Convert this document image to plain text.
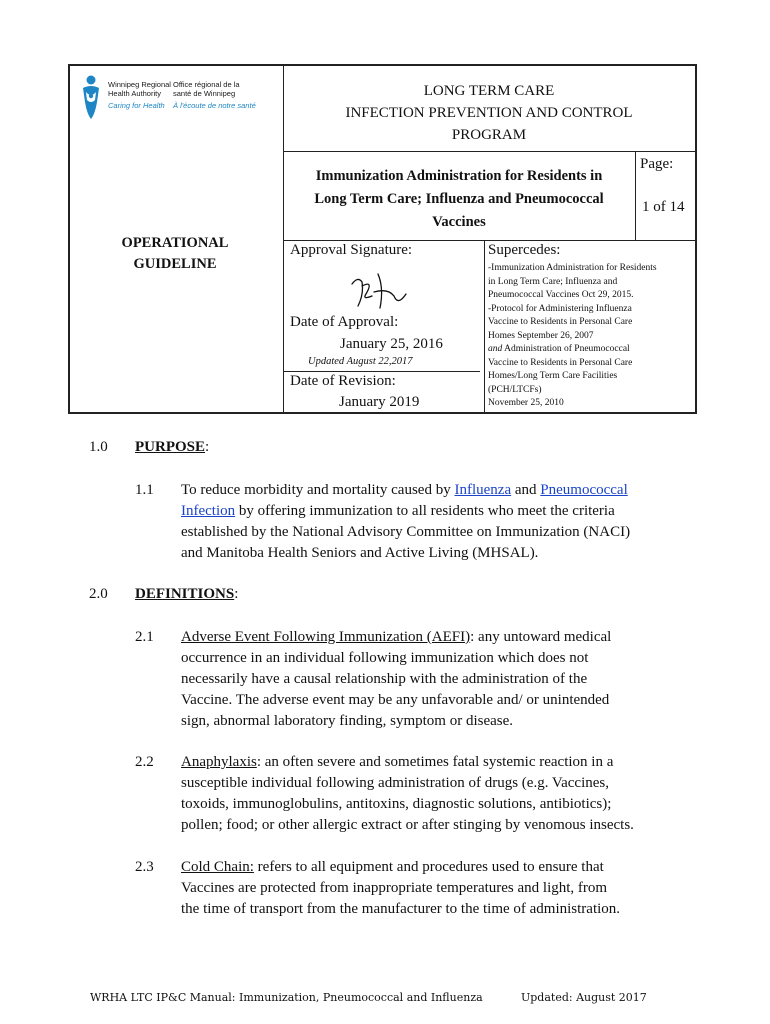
Winnipeg Regional
Health Authority
Caring for Health
Office régional de la
santé de Winnipeg
À l'écoute de notre santé
LONG TERM CARE
INFECTION PREVENTION AND CONTROL
PROGRAM
OPERATIONAL
GUIDELINE
Immunization Administration for Residents in
Long Term Care; Influenza and Pneumococcal
Vaccines
Page:
1 of 14
Approval Signature:
Date of Approval:
January 25, 2016
Updated August 22,2017
Date of Revision:
January 2019
Supercedes:
-Immunization Administration for Residents
in Long Term Care; Influenza and
Pneumococcal Vaccines Oct 29, 2015.
-Protocol for Administering Influenza
Vaccine to Residents in Personal Care
Homes September 26, 2007
and Administration of Pneumococcal
Vaccine to Residents in Personal Care
Homes/Long Term Care Facilities
(PCH/LTCFs)
November 25, 2010
1.0 PURPOSE:
1.1 To reduce morbidity and mortality caused by Influenza and Pneumococcal
Infection by offering immunization to all residents who meet the criteria
established by the National Advisory Committee on Immunization (NACI)
and Manitoba Health Seniors and Active Living (MHSAL).
2.0 DEFINITIONS:
2.1 Adverse Event Following Immunization (AEFI): any untoward medical
occurrence in an individual following immunization which does not
necessarily have a causal relationship with the administration of the
Vaccine. The adverse event may be any unfavorable and/ or unintended
sign, abnormal laboratory finding, symptom or disease.
2.2 Anaphylaxis: an often severe and sometimes fatal systemic reaction in a
susceptible individual following administration of drugs (e.g. Vaccines,
toxoids, immunoglobulins, antitoxins, diagnostic solutions, antibiotics);
pollen; food; or other allergic extract or after stinging by venomous insects.
2.3 Cold Chain: refers to all equipment and procedures used to ensure that
Vaccines are protected from inappropriate temperatures and light, from
the time of transport from the manufacturer to the time of administration.
WRHA LTC IP&C Manual: Immunization, Pneumococcal and Influenza	Updated: August 2017
